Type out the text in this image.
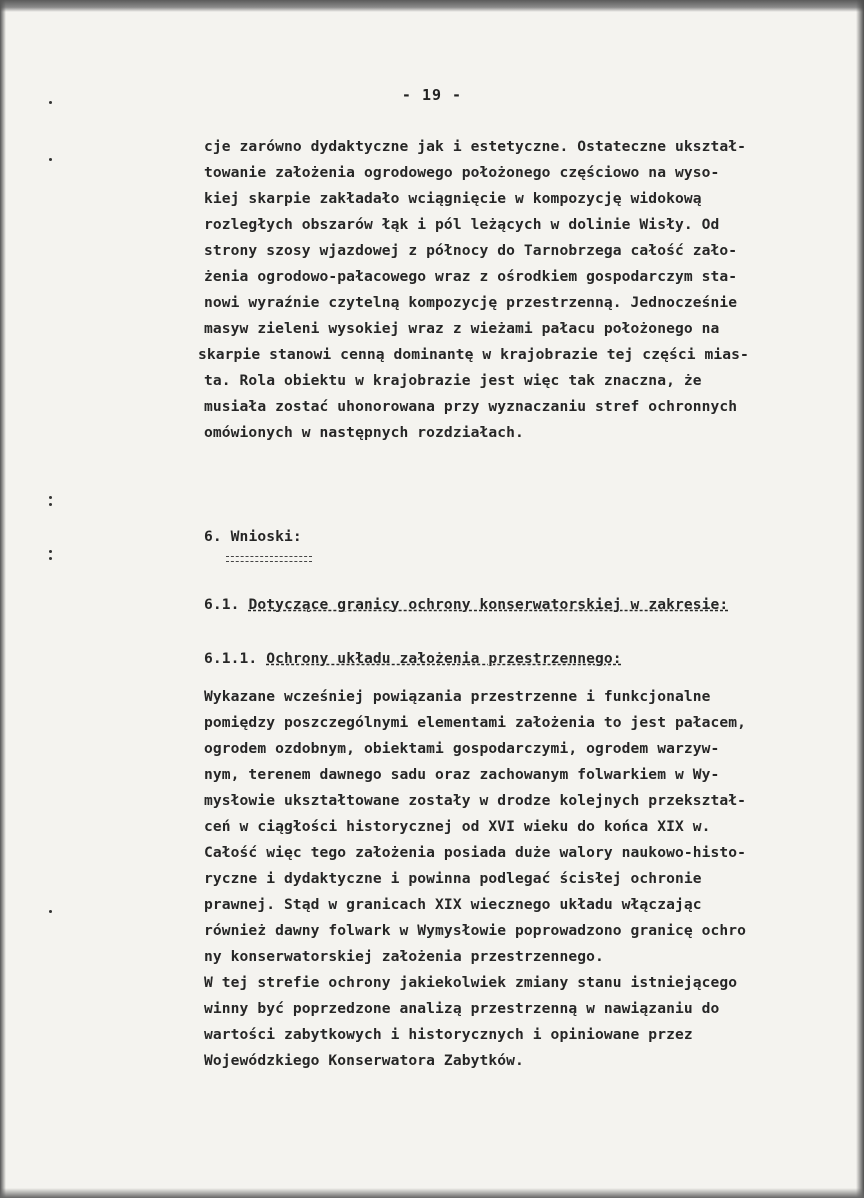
- 19 -
cje zarówno dydaktyczne jak i estetyczne. Ostateczne ukształ-
towanie założenia ogrodowego położonego częściowo na wyso-
kiej skarpie zakładało wciągnięcie w kompozycję widokową
rozległych obszarów łąk i pól leżących w dolinie Wisły. Od
strony szosy wjazdowej z północy do Tarnobrzega całość zało-
żenia ogrodowo-pałacowego wraz z ośrodkiem gospodarczym sta-
nowi wyraźnie czytelną kompozycję przestrzenną. Jednocześnie
masyw zieleni wysokiej wraz z wieżami pałacu położonego na
skarpie stanowi cenną dominantę w krajobrazie tej części mias-
ta. Rola obiektu w krajobrazie jest więc tak znaczna, że
musiała zostać uhonorowana przy wyznaczaniu stref ochronnych
omówionych w następnych rozdziałach.
6. Wnioski:
6.1. Dotyczące granicy ochrony konserwatorskiej w zakresie:
6.1.1. Ochrony układu założenia przestrzennego:
Wykazane wcześniej powiązania przestrzenne i funkcjonalne
pomiędzy poszczególnymi elementami założenia to jest pałacem,
ogrodem ozdobnym, obiektami gospodarczymi, ogrodem warzyw-
nym, terenem dawnego sadu oraz zachowanym folwarkiem w Wy-
mysłowie ukształtowane zostały w drodze kolejnych przekształ-
ceń w ciągłości historycznej od XVI wieku do końca XIX w.
Całość więc tego założenia posiada duże walory naukowo-histo-
ryczne i dydaktyczne i powinna podlegać ścisłej ochronie
prawnej. Stąd w granicach XIX wiecznego układu włączając
również dawny folwark w Wymysłowie poprowadzono granicę ochro
ny konserwatorskiej założenia przestrzennego.
W tej strefie ochrony jakiekolwiek zmiany stanu istniejącego
winny być poprzedzone analizą przestrzenną w nawiązaniu do
wartości zabytkowych i historycznych i opiniowane przez
Wojewódzkiego Konserwatora Zabytków.
